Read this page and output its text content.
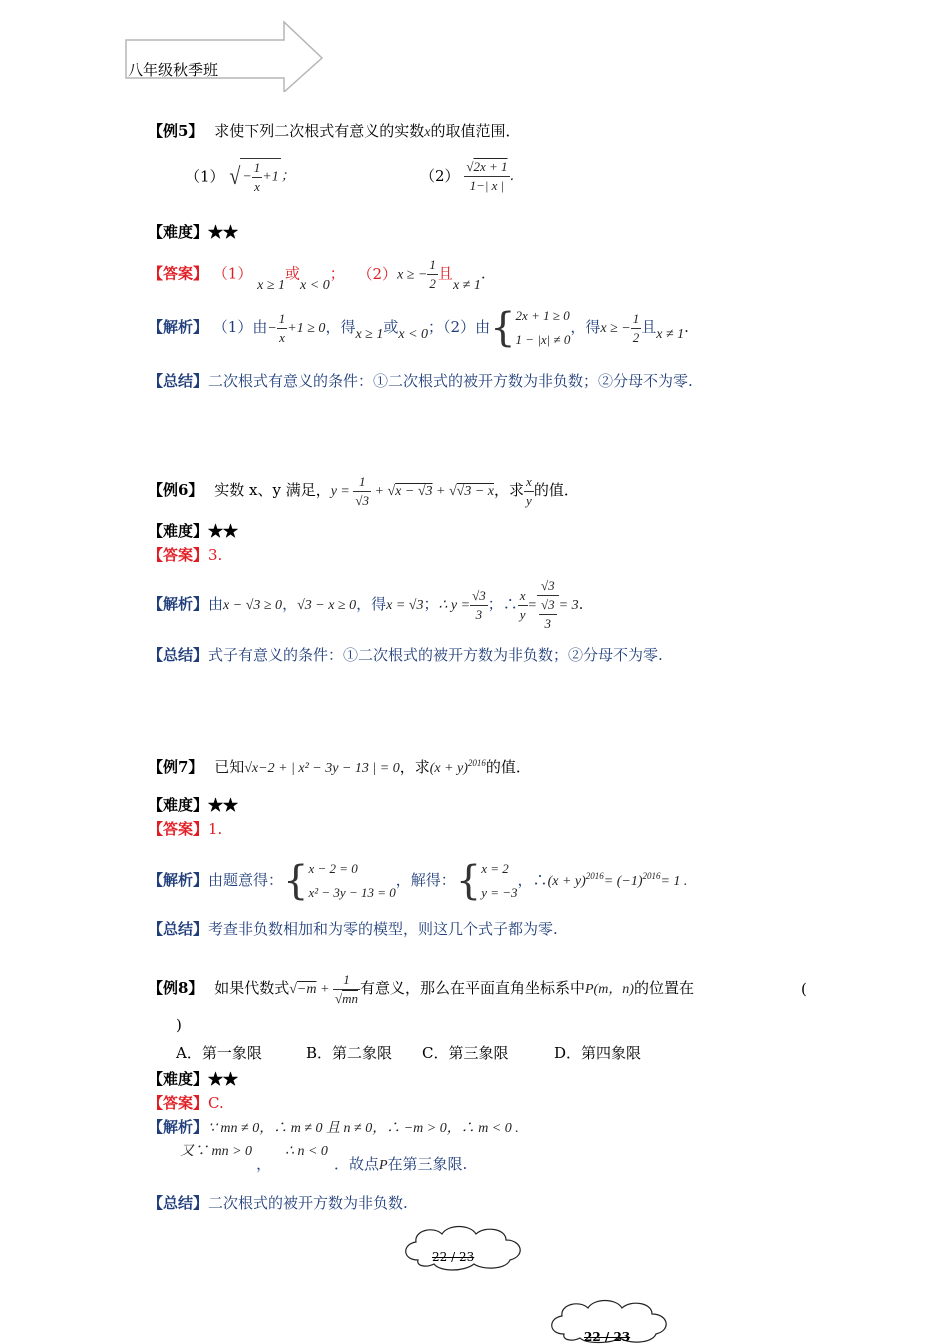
八年级秋季班
【例5】 求使下列二次根式有意义的实数x的取值范围．
（1） √ − $\frac{1}{x} +1$ ；	$(2) \frac{√2x + 1}{1-| x |}$ ．
【难度】★★
【答案】 （1） x ≥ 1或x < 0； （2）x ≥ − $\frac{1}{2}$ 且x ≠ 1.
【解析】 （1）由− $\frac{1}{x} +1 \ge 0$，得x ≥ 1或x < 0；（2）由{ 2x + 1 ≥ 0
1 − |x| ≠ 0
，得x ≥ − $\frac{1}{2}$ 且x ≠ 1.
【总结】二次根式有意义的条件：①二次根式的被开方数为非负数；②分母不为零.
【例6】 实数 x、y 满足，$y = \frac{1}{√3} + √x - √3 + √√3 - x$，求 $\frac{x}{y}$ 的值．
【难度】★★
【答案】3.
【解析】由x − √3 ≥ 0，√3 − x ≥ 0，得x = √3；∴ $y = \frac{√3}{3}$ ；∴ $\frac{x}{y} = \frac{√3}{\frac{√3}{3}} = 3$.
【总结】式子有意义的条件：①二次根式的被开方数为非负数；②分母不为零.
【例7】 已知√x−2 + | x² − 3y − 13 | = 0，求$(x + y)^{2016}$的值．
【难度】★★
【答案】1.
【解析】由题意得：{ x − 2 = 0
x² − 3y − 13 = 0
，解得：{ x = 2
y = −3
，∴(x + $y)^{2016}= (-1)^{2016}= 1$ .
【总结】考查非负数相加和为零的模型，则这几个式子都为零.
【例8】 如果代数式$√-m + \frac{1}{√mn}$ 有意义，那么在平面直角坐标系中P(m，n)的位置在	(
)
A．第一象限	B．第二象限 C．第三象限	D．第四象限
【难度】★★
【答案】C.
【解析】∵ mn ≠ 0，∴ m ≠ 0 且 n ≠ 0，∴ −m > 0，∴ m < 0 .
又∵ mn > 0，∴ n < 0．故点P在第三象限.
【总结】二次根式的被开方数为非负数.
22 / 23
22 / 23
